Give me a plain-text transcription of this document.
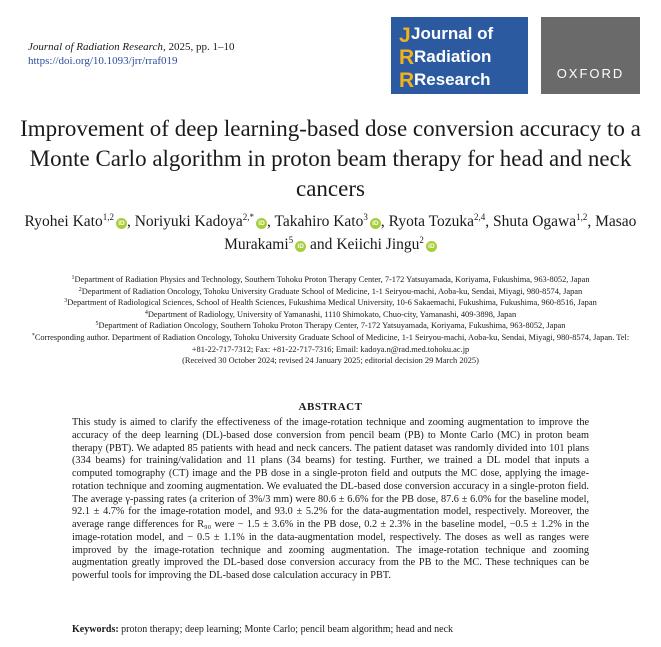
Journal of Radiation Research, 2025, pp. 1–10
https://doi.org/10.1093/jrr/rraf019
J Journal of
R Radiation
R Research	OXFORD
Improvement of deep learning-based dose conversion accuracy to a Monte Carlo algorithm in proton beam therapy for head and neck cancers
Ryohei Kato$^{1,2}$iD , Noriyuki Kadoya$^{2,*}$iD , Takahiro Kato$^3$iD , Ryota Tozuka$^{2,4}$, Shuta Ogawa$^{1,2}$, Masao Murakami$^5$iD and Keiichi Jingu$^2$iD
$^1$Department of Radiation Physics and Technology, Southern Tohoku Proton Therapy Center, 7-172 Yatsuyamada, Koriyama, Fukushima, 963-8052, Japan
$^2$Department of Radiation Oncology, Tohoku University Graduate School of Medicine, 1-1 Seiryou-machi, Aoba-ku, Sendai, Miyagi, 980-8574, Japan
$^3$Department of Radiological Sciences, School of Health Sciences, Fukushima Medical University, 10-6 Sakaemachi, Fukushima, Fukushima, 960-8516, Japan
$^4$Department of Radiology, University of Yamanashi, 1110 Shimokato, Chuo-city, Yamanashi, 409-3898, Japan
$^5$Department of Radiation Oncology, Southern Tohoku Proton Therapy Center, 7-172 Yatsuyamada, Koriyama, Fukushima, 963-8052, Japan
*Corresponding author. Department of Radiation Oncology, Tohoku University Graduate School of Medicine, 1-1 Seiryou-machi, Aoba-ku, Sendai, Miyagi, 980-8574, Japan. Tel: +81-22-717-7312; Fax: +81-22-717-7316; Email: kadoya.n@rad.med.tohoku.ac.jp
(Received 30 October 2024; revised 24 January 2025; editorial decision 29 March 2025)
ABSTRACT

This study is aimed to clarify the effectiveness of the image-rotation technique and zooming augmentation to improve the accuracy of the deep learning (DL)-based dose conversion from pencil beam (PB) to Monte Carlo (MC) in proton beam therapy (PBT). We adapted 85 patients with head and neck cancers. The patient dataset was randomly divided into 101 plans (334 beams) for training/validation and 11 plans (34 beams) for testing. Further, we trained a DL model that inputs a computed tomography (CT) image and the PB dose in a single-proton field and outputs the MC dose, applying the image-rotation technique and zooming augmentation. We evaluated the DL-based dose conversion accuracy in a single-proton field. The average γ-passing rates (a criterion of 3%/3 mm) were 80.6 ± 6.6% for the PB dose, 87.6 ± 6.0% for the baseline model, 92.1 ± 4.7% for the image-rotation model, and 93.0 ± 5.2% for the data-augmentation model, respectively. Moreover, the average range differences for R₉₀ were − 1.5 ± 3.6% in the PB dose, 0.2 ± 2.3% in the baseline model, −0.5 ± 1.2% in the image-rotation model, and − 0.5 ± 1.1% in the data-augmentation model, respectively. The doses as well as ranges were improved by the image-rotation technique and zooming augmentation. The image-rotation technique and zooming augmentation greatly improved the DL-based dose conversion accuracy from the PB to the MC. These techniques can be powerful tools for improving the DL-based dose calculation accuracy in PBT.

Keywords: proton therapy; deep learning; Monte Carlo; pencil beam algorithm; head and neck
